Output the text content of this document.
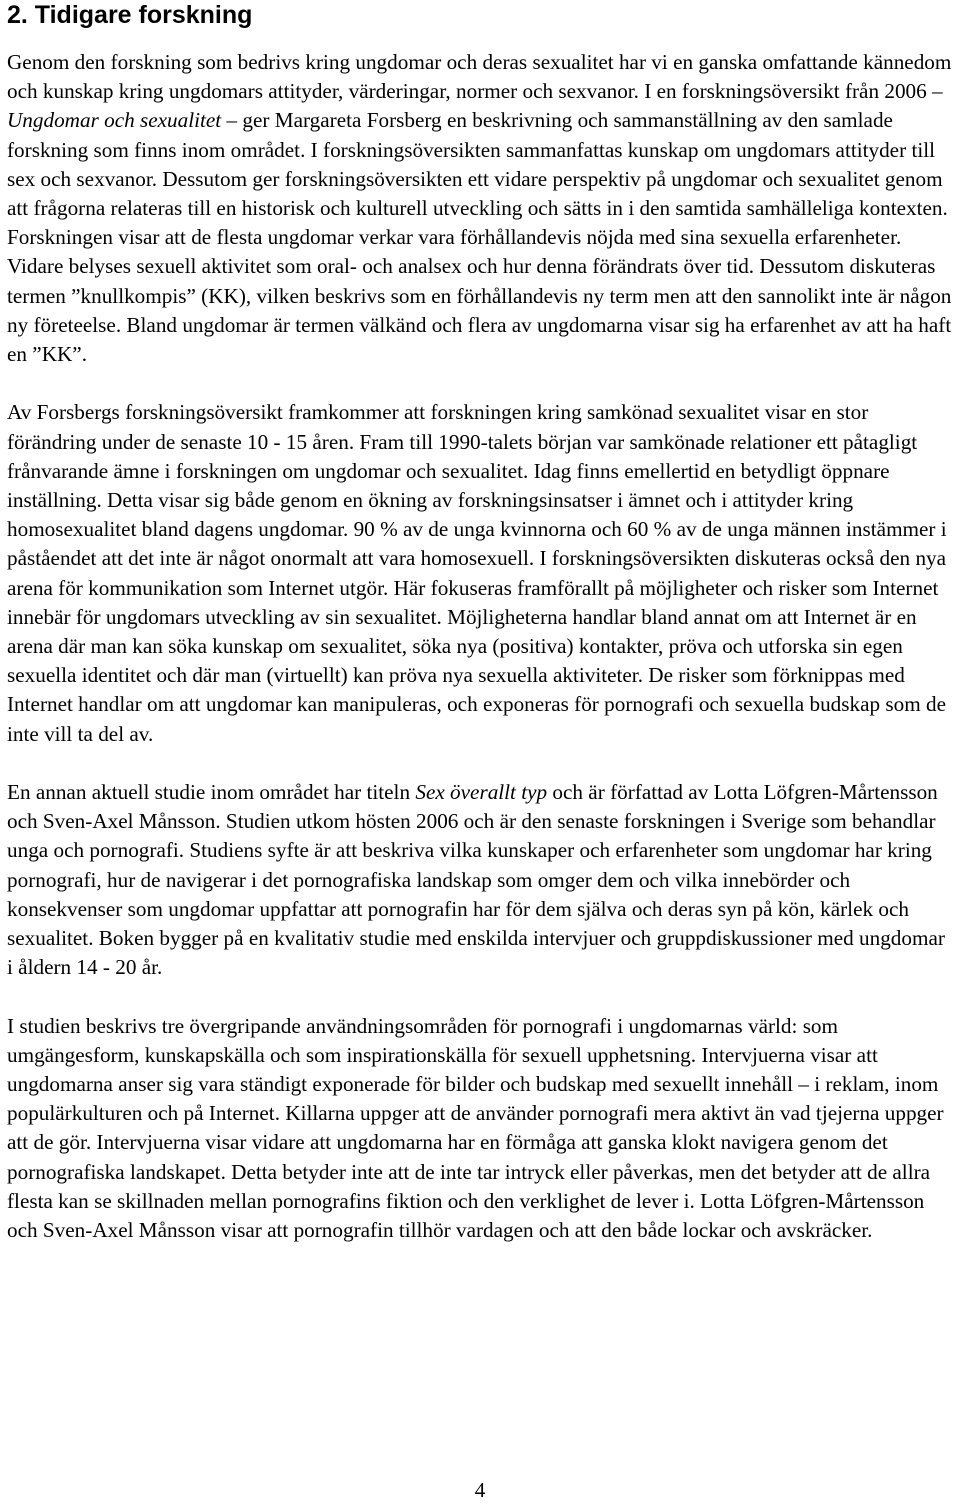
2. Tidigare forskning

Genom den forskning som bedrivs kring ungdomar och deras sexualitet har vi en ganska omfattande kännedom och kunskap kring ungdomars attityder, värderingar, normer och sexvanor. I en forskningsöversikt från 2006 – Ungdomar och sexualitet – ger Margareta Forsberg en beskrivning och sammanställning av den samlade forskning som finns inom området. I forskningsöversikten sammanfattas kunskap om ungdomars attityder till sex och sexvanor. Dessutom ger forskningsöversikten ett vidare perspektiv på ungdomar och sexualitet genom att frågorna relateras till en historisk och kulturell utveckling och sätts in i den samtida samhälleliga kontexten. Forskningen visar att de flesta ungdomar verkar vara förhållandevis nöjda med sina sexuella erfarenheter. Vidare belyses sexuell aktivitet som oral- och analsex och hur denna förändrats över tid. Dessutom diskuteras termen ”knullkompis” (KK), vilken beskrivs som en förhållandevis ny term men att den sannolikt inte är någon ny företeelse. Bland ungdomar är termen välkänd och flera av ungdomarna visar sig ha erfarenhet av att ha haft en ”KK”.

Av Forsbergs forskningsöversikt framkommer att forskningen kring samkönad sexualitet visar en stor förändring under de senaste 10 - 15 åren. Fram till 1990-talets början var samkönade relationer ett påtagligt frånvarande ämne i forskningen om ungdomar och sexualitet. Idag finns emellertid en betydligt öppnare inställning. Detta visar sig både genom en ökning av forskningsinsatser i ämnet och i attityder kring homosexualitet bland dagens ungdomar. 90 % av de unga kvinnorna och 60 % av de unga männen instämmer i påståendet att det inte är något onormalt att vara homosexuell. I forskningsöversikten diskuteras också den nya arena för kommunikation som Internet utgör. Här fokuseras framförallt på möjligheter och risker som Internet innebär för ungdomars utveckling av sin sexualitet. Möjligheterna handlar bland annat om att Internet är en arena där man kan söka kunskap om sexualitet, söka nya (positiva) kontakter, pröva och utforska sin egen sexuella identitet och där man (virtuellt) kan pröva nya sexuella aktiviteter. De risker som förknippas med Internet handlar om att ungdomar kan manipuleras, och exponeras för pornografi och sexuella budskap som de inte vill ta del av.

En annan aktuell studie inom området har titeln Sex överallt typ och är författad av Lotta Löfgren-Mårtensson och Sven-Axel Månsson. Studien utkom hösten 2006 och är den senaste forskningen i Sverige som behandlar unga och pornografi. Studiens syfte är att beskriva vilka kunskaper och erfarenheter som ungdomar har kring pornografi, hur de navigerar i det pornografiska landskap som omger dem och vilka innebörder och konsekvenser som ungdomar uppfattar att pornografin har för dem själva och deras syn på kön, kärlek och sexualitet. Boken bygger på en kvalitativ studie med enskilda intervjuer och gruppdiskussioner med ungdomar i åldern 14 - 20 år.

I studien beskrivs tre övergripande användningsområden för pornografi i ungdomarnas värld: som umgängesform, kunskapskälla och som inspirationskälla för sexuell upphetsning. Intervjuerna visar att ungdomarna anser sig vara ständigt exponerade för bilder och budskap med sexuellt innehåll – i reklam, inom populärkulturen och på Internet. Killarna uppger att de använder pornografi mera aktivt än vad tjejerna uppger att de gör. Intervjuerna visar vidare att ungdomarna har en förmåga att ganska klokt navigera genom det pornografiska landskapet. Detta betyder inte att de inte tar intryck eller påverkas, men det betyder att de allra flesta kan se skillnaden mellan pornografins fiktion och den verklighet de lever i. Lotta Löfgren-Mårtensson och Sven-Axel Månsson visar att pornografin tillhör vardagen och att den både lockar och avskräcker.

4
